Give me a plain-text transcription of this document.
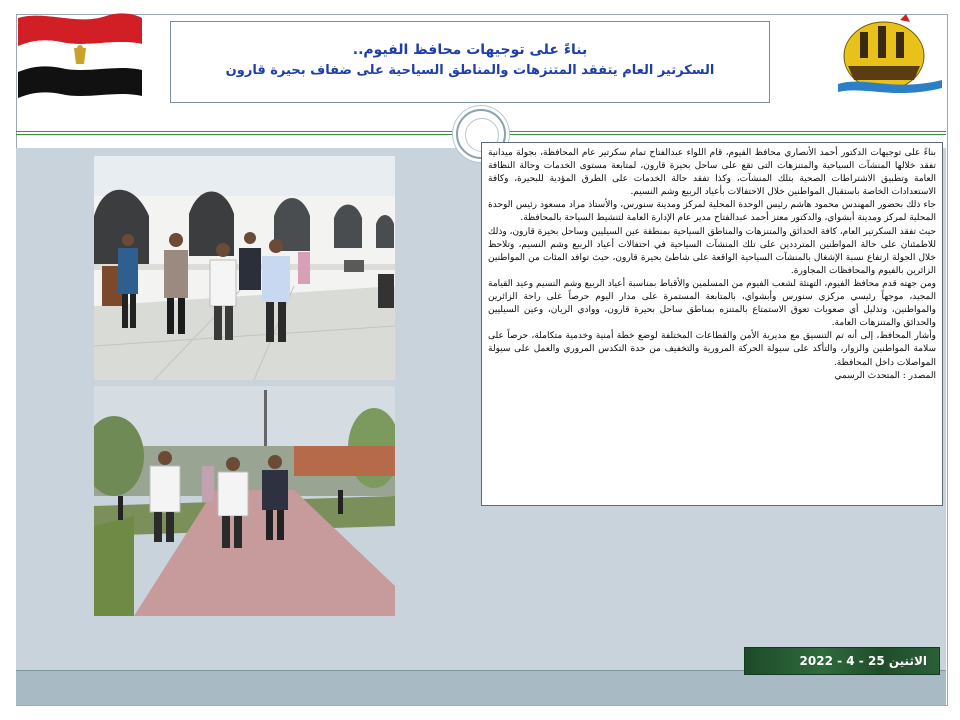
بناءً على توجيهات محافظ الفيوم..
السكرتير العام يتفقد المتنزهات والمناطق السياحية على ضفاف بحيرة قارون

بناءً على توجيهات الدكتور أحمد الأنصاري محافظ الفيوم، قام اللواء عبدالفتاح تمام سكرتير عام المحافظة، بجولة ميدانية تفقد خلالها المنشآت السياحية والمتنزهات التى تقع على ساحل بحيرة قارون، لمتابعة مستوى الخدمات وحالة النظافة العامة وتطبيق الاشتراطات الصحية بتلك المنشآت، وكذا تفقد حالة الخدمات على الطرق المؤدية للبحيرة، وكافة الاستعدادات الخاصة باستقبال المواطنين خلال الاحتفالات بأعياد الربيع وشم النسيم.

جاء ذلك بحضور المهندس محمود هاشم رئيس الوحدة المحلية لمركز ومدينة سنورس، والأستاذ مراد مسعود رئيس الوحدة المحلية لمركز ومدينة أبشواي، والدكتور معتز أحمد عبدالفتاح مدير عام الإدارة العامة لتنشيط السياحة بالمحافظة.

حيث تفقد السكرتير العام، كافة الحدائق والمتنزهات والمناطق السياحية بمنطقة عين السيليين وساحل بحيرة قارون، وذلك للاطمئنان على حالة المواطنين المترددين على تلك المنشآت السياحية في احتفالات أعياد الربيع وشم النسيم، وتلاحظ خلال الجولة ارتفاع نسبة الإشغال بالمنشآت السياحية الواقعة على شاطئ بحيرة قارون، حيث توافد المئات من المواطنين الزائرين بالفيوم والمحافظات المجاورة.

ومن جهته قدم محافظ الفيوم، التهنئة لشعب الفيوم من المسلمين والأقباط بمناسبة أعياد الربيع وشم النسيم وعيد القيامة المجيد، موجهاً رئيسي مركزي سنورس وأبشواي، بالمتابعة المستمرة على مدار اليوم حرصاً على راحة الزائرين والمواطنين، وتذليل أي صعوبات تعوق الاستمتاع بالمتنزه بمناطق ساحل بحيرة قارون، ووادي الريان، وعين السيليين والحدائق والمتنزهات العامة.

وأشار المحافظ، إلى أنه تم التنسيق مع مديرية الأمن والقطاعات المختلفة لوضع خطة أمنية وخدمية متكاملة، حرصاً على سلامة المواطنين والزوار، والتأكد على سيولة الحركة المرورية والتخفيف من حدة التكدس المروري والعمل على سيولة المواصلات داخل المحافظة.

المصدر : المتحدث الرسمي

الاثنين 25 - 4 - 2022
